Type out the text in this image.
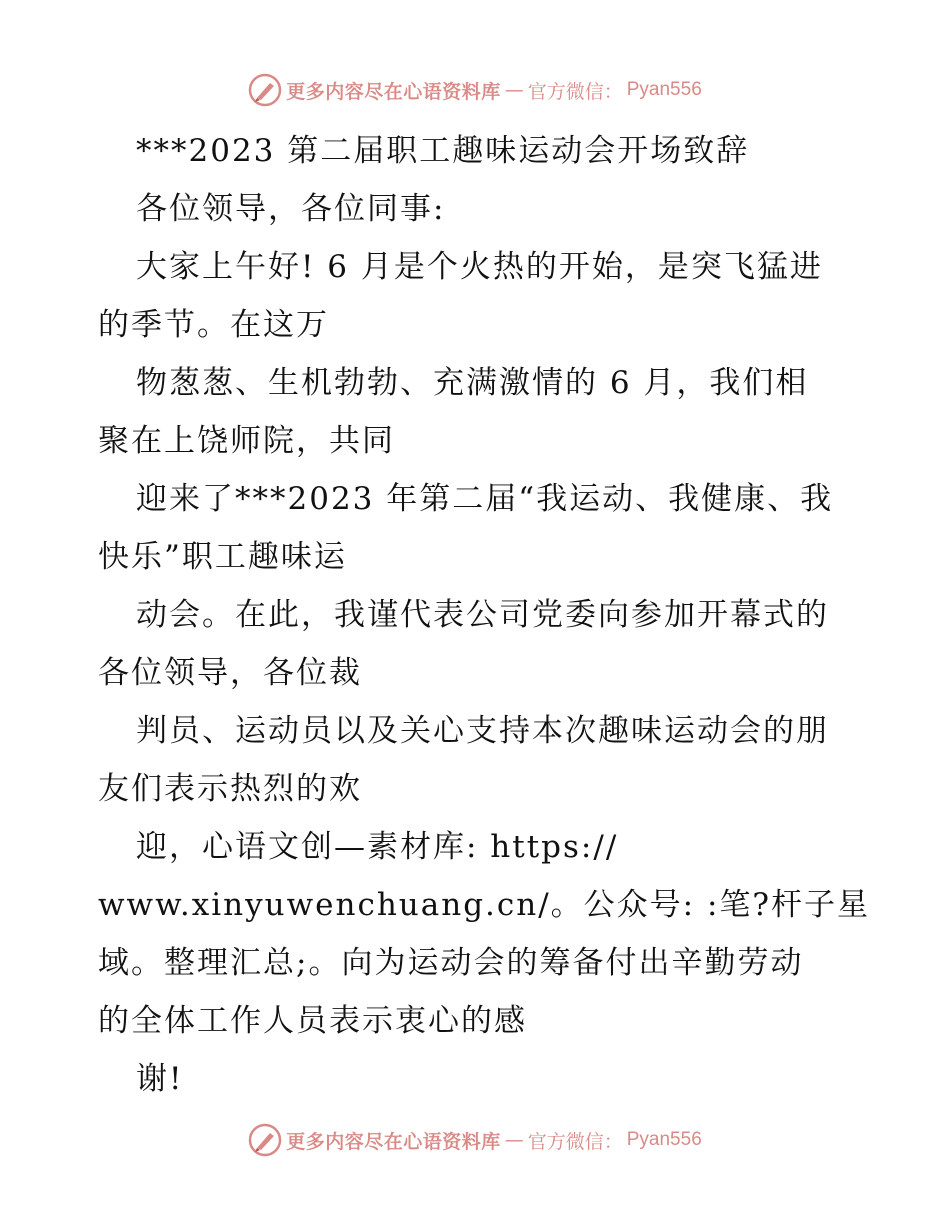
更多内容尽在心语资料库 — 官方微信： Pyan556
***2023 第二届职工趣味运动会开场致辞
各位领导，各位同事:
大家上午好! 6 月是个火热的开始，是突飞猛进
的季节。在这万
物葱葱、生机勃勃、充满激情的 6 月，我们相
聚在上饶师院，共同
迎来了***2023 年第二届“我运动、我健康、我
快乐”职工趣味运
动会。在此，我谨代表公司党委向参加开幕式的
各位领导，各位裁
判员、运动员以及关心支持本次趣味运动会的朋
友们表示热烈的欢
迎，心语文创—素材库: https://
www.xinyuwenchuang.cn/。公众号: :笔?杆子星
域。整理汇总;。向为运动会的筹备付出辛勤劳动
的全体工作人员表示衷心的感
谢!
更多内容尽在心语资料库 — 官方微信： Pyan556
